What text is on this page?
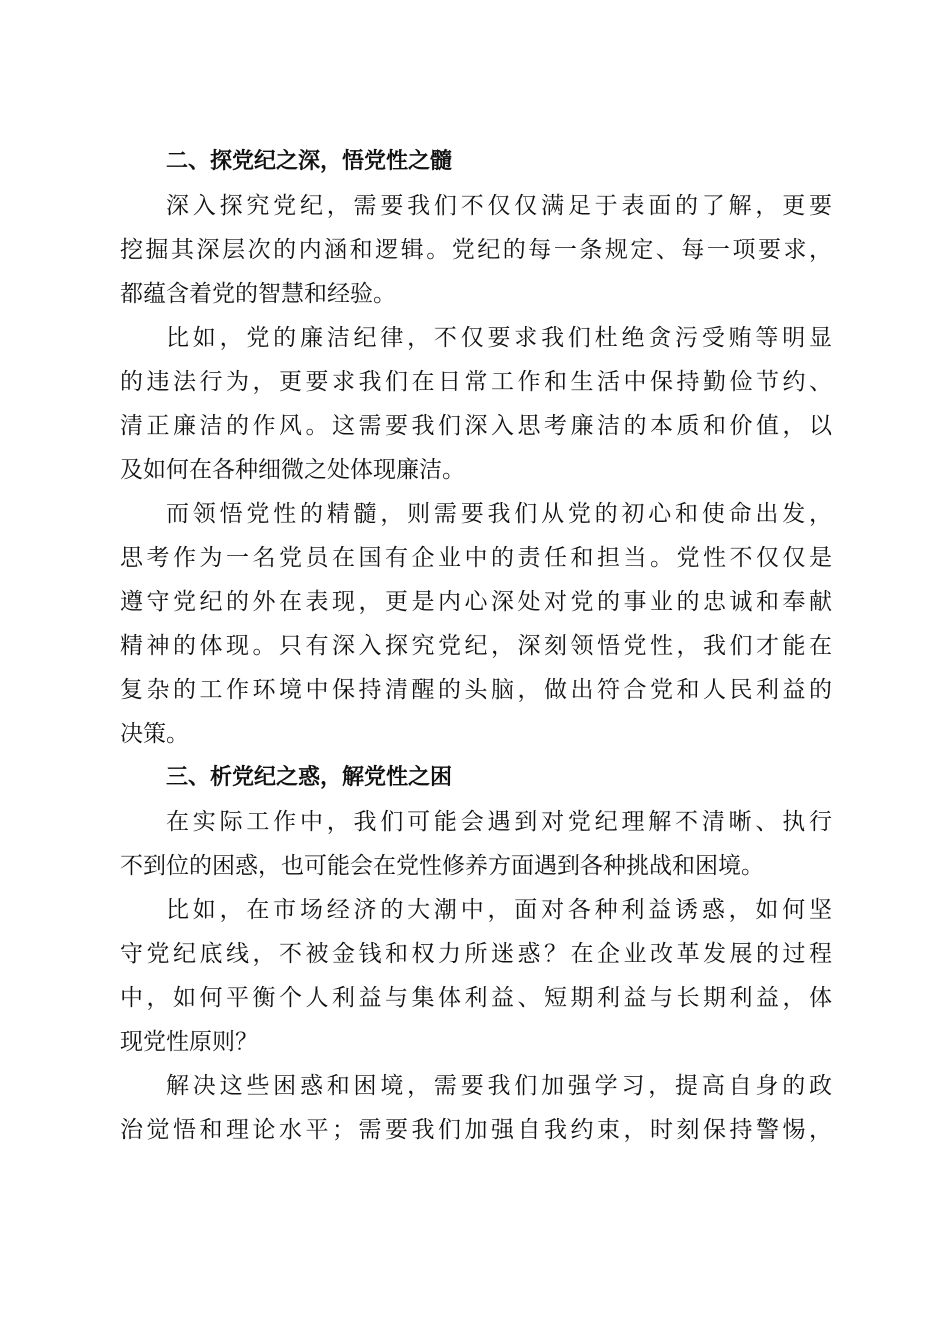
二、探党纪之深，悟党性之髓

深入探究党纪，需要我们不仅仅满足于表面的了解，更要
挖掘其深层次的内涵和逻辑。党纪的每一条规定、每一项要求，
都蕴含着党的智慧和经验。

比如，党的廉洁纪律，不仅要求我们杜绝贪污受贿等明显
的违法行为，更要求我们在日常工作和生活中保持勤俭节约、
清正廉洁的作风。这需要我们深入思考廉洁的本质和价值，以
及如何在各种细微之处体现廉洁。

而领悟党性的精髓，则需要我们从党的初心和使命出发，
思考作为一名党员在国有企业中的责任和担当。党性不仅仅是
遵守党纪的外在表现，更是内心深处对党的事业的忠诚和奉献
精神的体现。只有深入探究党纪，深刻领悟党性，我们才能在
复杂的工作环境中保持清醒的头脑，做出符合党和人民利益的
决策。

三、析党纪之惑，解党性之困

在实际工作中，我们可能会遇到对党纪理解不清晰、执行
不到位的困惑，也可能会在党性修养方面遇到各种挑战和困境。

比如，在市场经济的大潮中，面对各种利益诱惑，如何坚
守党纪底线，不被金钱和权力所迷惑？在企业改革发展的过程
中，如何平衡个人利益与集体利益、短期利益与长期利益，体
现党性原则？

解决这些困惑和困境，需要我们加强学习，提高自身的政
治觉悟和理论水平；需要我们加强自我约束，时刻保持警惕，
